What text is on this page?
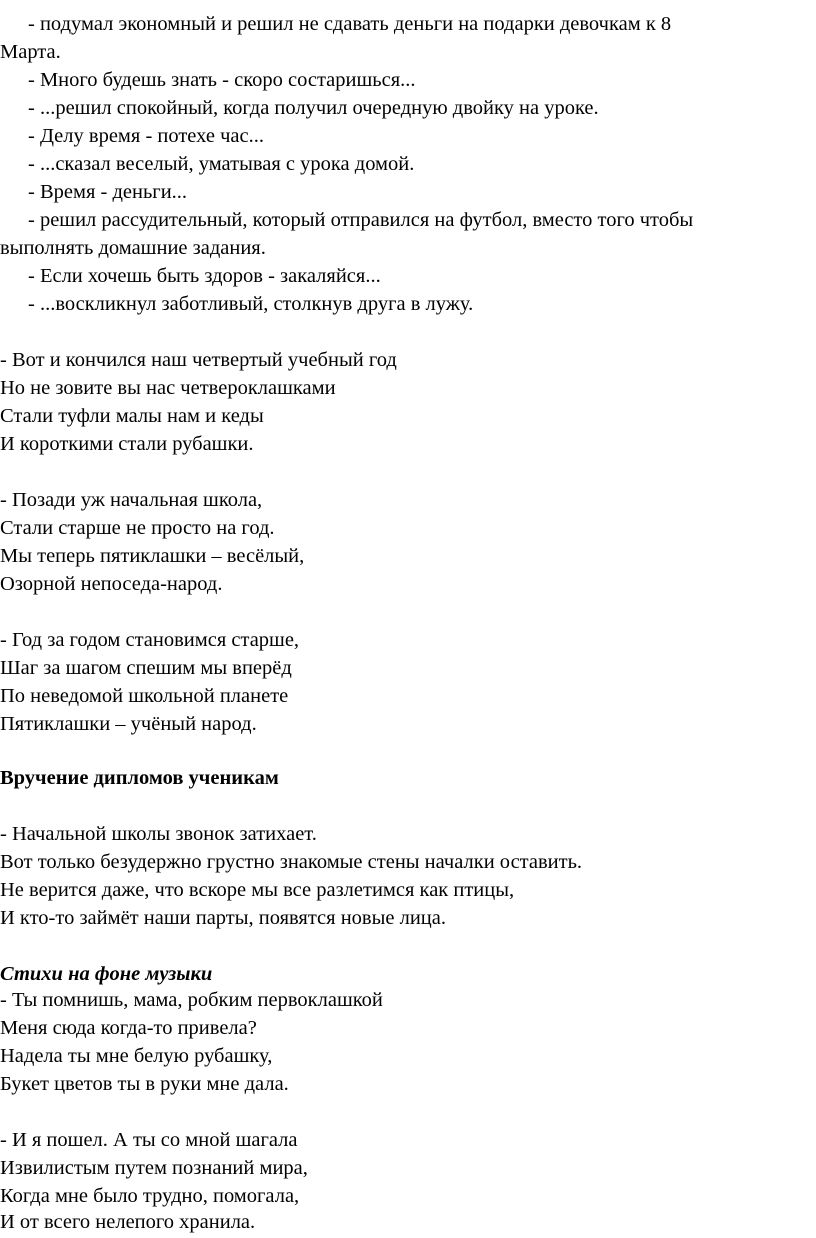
- подумал экономный и решил не сдавать деньги на подарки девочкам к 8
Марта.
- Много будешь знать - скоро состаришься...
- ...решил спокойный, когда получил очередную двойку на уроке.
- Делу время - потехе час...
- ...сказал веселый, уматывая с урока домой.
- Время - деньги...
- решил рассудительный, который отправился на футбол, вместо того чтобы
выполнять домашние задания.
- Если хочешь быть здоров - закаляйся...
- ...воскликнул заботливый, столкнув друга в лужу.
- Вот и кончился наш четвертый учебный год
Но не зовите вы нас четвероклашками
Стали туфли малы нам и кеды
И короткими стали рубашки.
- Позади уж начальная школа,
Стали старше не просто на год.
Мы теперь пятиклашки – весёлый,
Озорной непоседа-народ.
- Год за годом становимся старше,
Шаг за шагом спешим мы вперёд
По неведомой школьной планете
Пятиклашки – учёный народ.
Вручение дипломов ученикам
- Начальной школы звонок затихает.
Вот только безудержно грустно знакомые стены началки оставить.
Не верится даже, что вскоре мы все разлетимся как птицы,
И кто-то займёт наши парты, появятся новые лица.
Стихи на фоне музыки
- Ты помнишь, мама, робким первоклашкой
Меня сюда когда-то привела?
Надела ты мне белую рубашку,
Букет цветов ты в руки мне дала.
- И я пошел. А ты со мной шагала
Извилистым путем познаний мира,
Когда мне было трудно, помогала,
И от всего нелепого хранила.
